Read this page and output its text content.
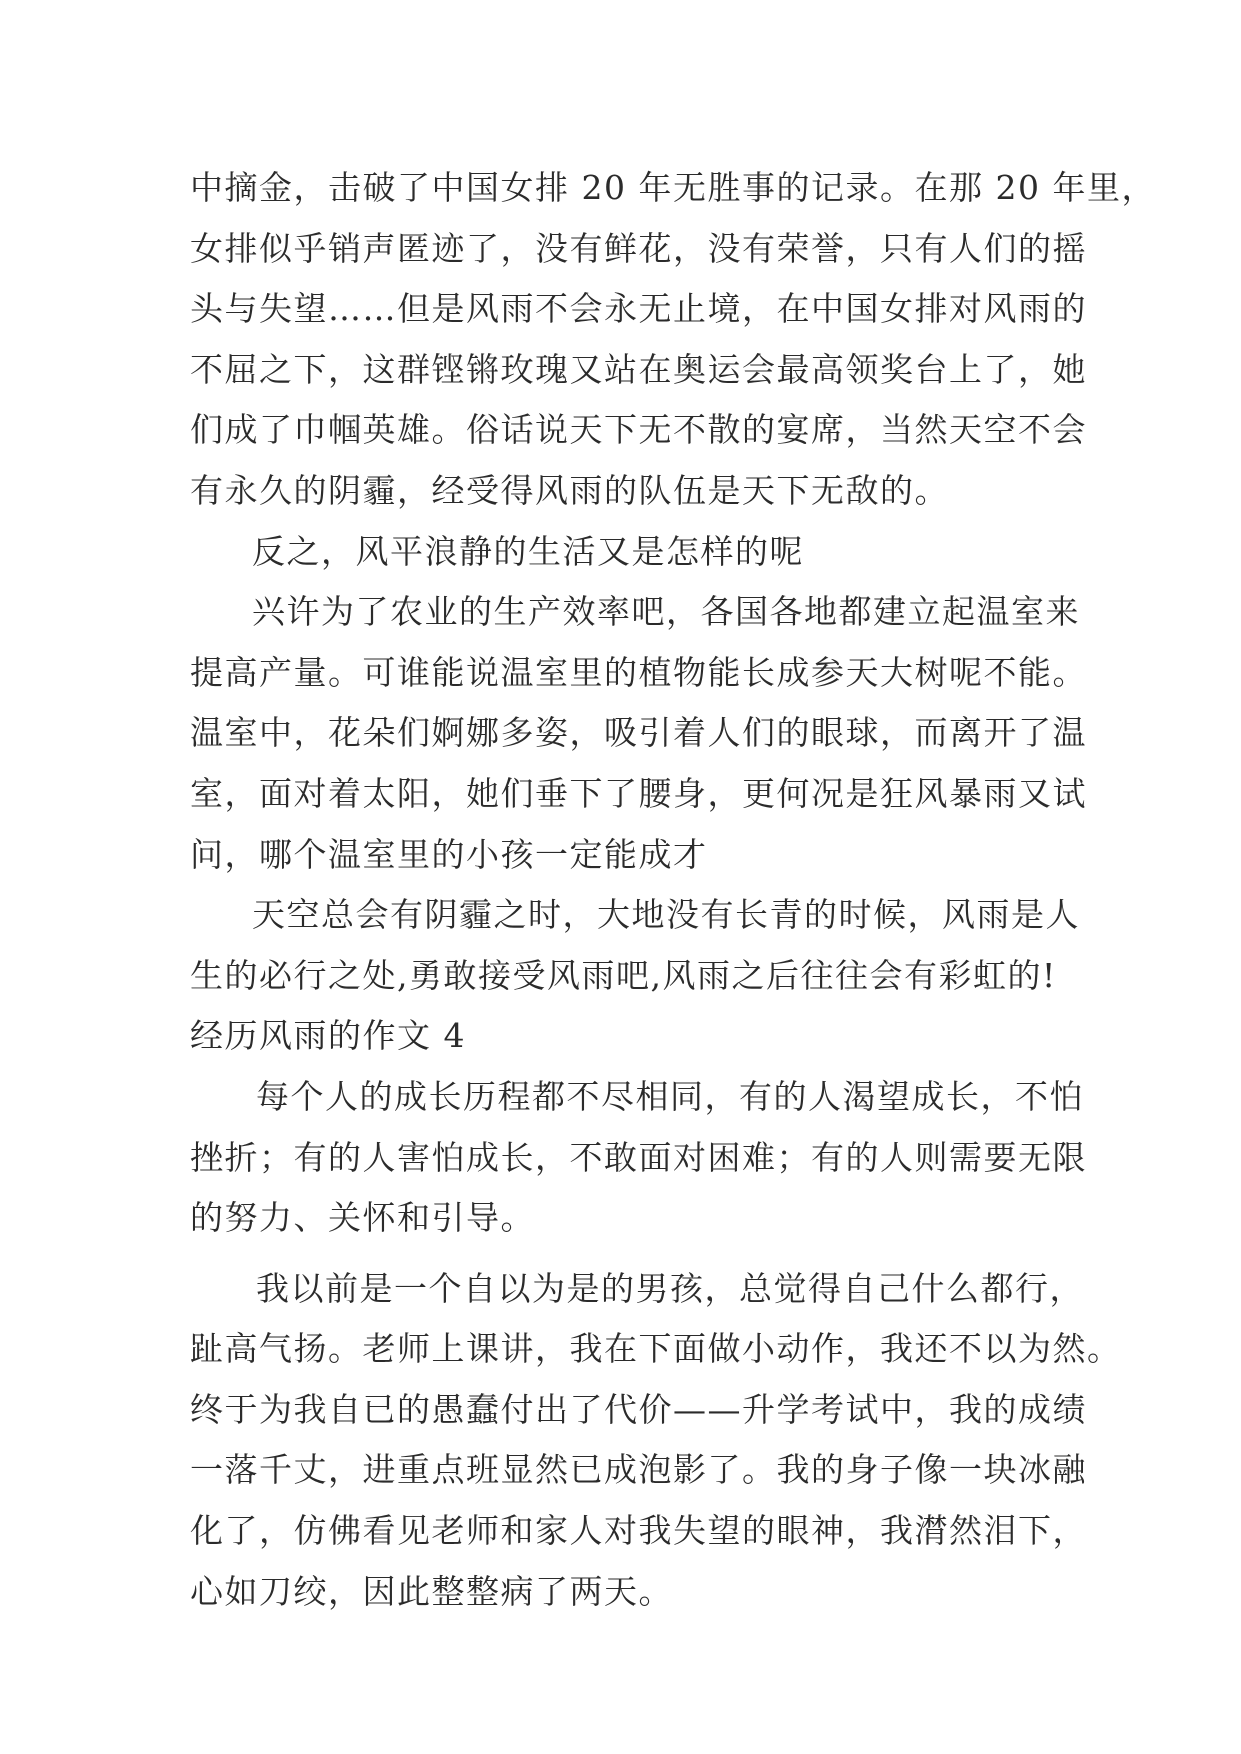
中摘金，击破了中国女排 20 年无胜事的记录。在那 20 年里，
女排似乎销声匿迹了，没有鲜花，没有荣誉，只有人们的摇
头与失望……但是风雨不会永无止境，在中国女排对风雨的
不屈之下，这群铿锵玫瑰又站在奥运会最高领奖台上了，她
们成了巾帼英雄。俗话说天下无不散的宴席，当然天空不会
有永久的阴霾，经受得风雨的队伍是天下无敌的。
反之，风平浪静的生活又是怎样的呢
兴许为了农业的生产效率吧，各国各地都建立起温室来
提高产量。可谁能说温室里的植物能长成参天大树呢不能。
温室中，花朵们婀娜多姿，吸引着人们的眼球，而离开了温
室，面对着太阳，她们垂下了腰身，更何况是狂风暴雨又试
问，哪个温室里的小孩一定能成才
天空总会有阴霾之时，大地没有长青的时候，风雨是人
生的必行之处,勇敢接受风雨吧,风雨之后往往会有彩虹的!
经历风雨的作文 4
每个人的成长历程都不尽相同，有的人渴望成长，不怕
挫折；有的人害怕成长，不敢面对困难；有的人则需要无限
的努力、关怀和引导。
我以前是一个自以为是的男孩，总觉得自己什么都行，
趾高气扬。老师上课讲，我在下面做小动作，我还不以为然。
终于为我自已的愚蠢付出了代价——升学考试中，我的成绩
一落千丈，进重点班显然已成泡影了。我的身子像一块冰融
化了，仿佛看见老师和家人对我失望的眼神，我潸然泪下，
心如刀绞，因此整整病了两天。
